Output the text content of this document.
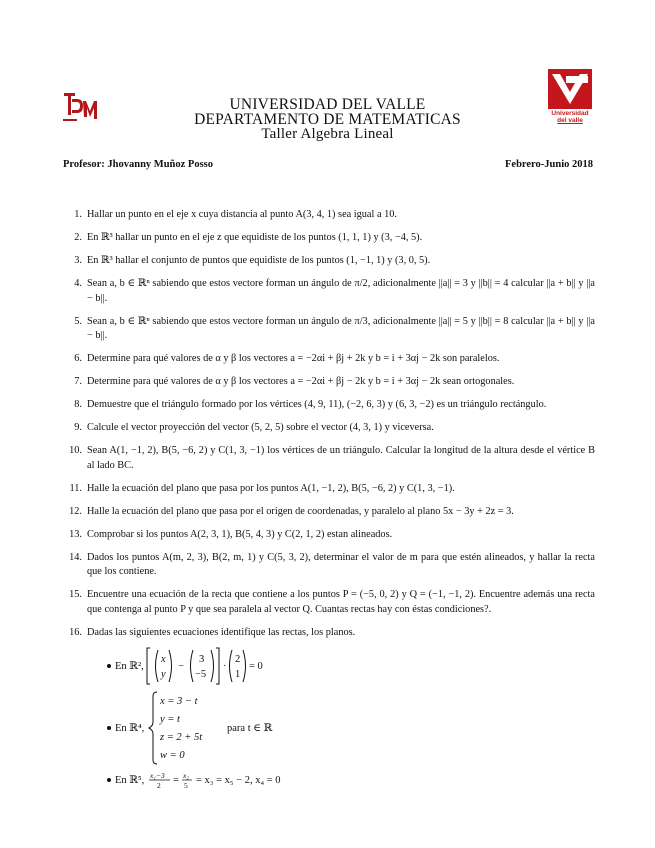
Universidad
del valle
UNIVERSIDAD DEL VALLE
DEPARTAMENTO DE MATEMATICAS
Taller Algebra Lineal
Profesor: Jhovanny Muñoz Posso	Febrero-Junio 2018
1. Hallar un punto en el eje x cuya distancia al punto A(3, 4, 1) sea igual a 10.
2. En ℝ³ hallar un punto en el eje z que equidiste de los puntos (1, 1, 1) y (3, −4, 5).
3. En ℝ³ hallar el conjunto de puntos que equidiste de los puntos (1, −1, 1) y (3, 0, 5).
4. Sean a, b ∈ ℝⁿ sabiendo que estos vectore forman un ángulo de π/2, adicionalmente ||a|| = 3 y ||b|| = 4 calcular ||a + b|| y ||a − b||.
5. Sean a, b ∈ ℝⁿ sabiendo que estos vectore forman un ángulo de π/3, adicionalmente ||a|| = 5 y ||b|| = 8 calcular ||a + b|| y ||a − b||.
6. Determine para qué valores de α y β los vectores a = −2αi + βj + 2k y b = i + 3αj − 2k son paralelos.
7. Determine para qué valores de α y β los vectores a = −2αi + βj − 2k y b = i + 3αj − 2k sean ortogonales.
8. Demuestre que el triángulo formado por los vértices (4, 9, 11), (−2, 6, 3) y (6, 3, −2) es un triángulo rectángulo.
9. Calcule el vector proyección del vector (5, 2, 5) sobre el vector (4, 3, 1) y viceversa.
10. Sean A(1, −1, 2), B(5, −6, 2) y C(1, 3, −1) los vértices de un triángulo. Calcular la longitud de la altura desde el vértice B al lado BC.
11. Halle la ecuación del plano que pasa por los puntos A(1, −1, 2), B(5, −6, 2) y C(1, 3, −1).
12. Halle la ecuación del plano que pasa por el origen de coordenadas, y paralelo al plano 5x − 3y + 2z = 3.
13. Comprobar si los puntos A(2, 3, 1), B(5, 4, 3) y C(2, 1, 2) estan alineados.
14. Dados los puntos A(m, 2, 3), B(2, m, 1) y C(5, 3, 2), determinar el valor de m para que estén alineados, y hallar la recta que los contiene.
15. Encuentre una ecuación de la recta que contiene a los puntos P = (−5, 0, 2) y Q = (−1, −1, 2). Encuentre además una recta que contenga al punto P y que sea paralela al vector Q. Cuantas rectas hay con éstas condiciones?.
16. Dadas las siguientes ecuaciones identifique las rectas, los planos.
En ℝ²,
x
y
−
3
−5
·
2
1
= 0
En ℝ⁴,
x = 3 − t
y = t
z = 2 + 5t
w = 0
para t ∈ ℝ
En ℝ⁵, x₁−3
2 = x₂
5 = x₃ = x₅ − 2, x₄ = 0
